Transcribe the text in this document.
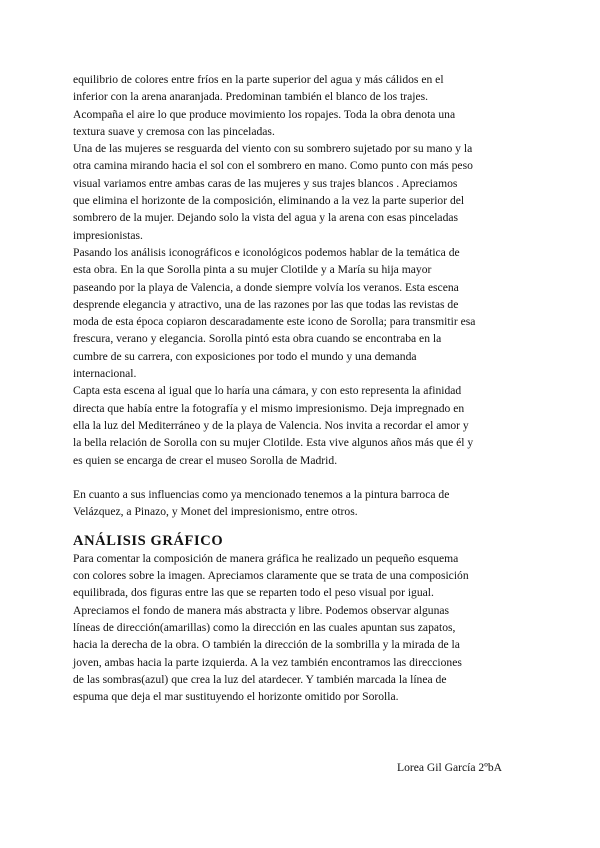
equilibrio de colores entre fríos en la parte superior del agua y más cálidos en el
inferior con la arena anaranjada. Predominan también el blanco de los trajes.
Acompaña el aire lo que produce movimiento los ropajes. Toda la obra denota una
textura suave y cremosa con las pinceladas.
Una de las mujeres se resguarda del viento con su sombrero sujetado por su mano y la
otra camina mirando hacia el sol con el sombrero en mano. Como punto con más peso
visual variamos entre ambas caras de las mujeres y sus trajes blancos . Apreciamos
que elimina el horizonte de la composición, eliminando a la vez la parte superior del
sombrero de la mujer. Dejando solo la vista del agua y la arena con esas pinceladas
impresionistas.
Pasando los análisis iconográficos e iconológicos podemos hablar de la temática de
esta obra. En la que Sorolla pinta a su mujer Clotilde y a María su hija mayor
paseando por la playa de Valencia, a donde siempre volvía los veranos. Esta escena
desprende elegancia y atractivo, una de las razones por las que todas las revistas de
moda de esta época copiaron descaradamente este icono de Sorolla; para transmitir esa
frescura, verano y elegancia. Sorolla pintó esta obra cuando se encontraba en la
cumbre de su carrera, con exposiciones por todo el mundo y una demanda
internacional.
Capta esta escena al igual que lo haría una cámara, y con esto representa la afinidad
directa que había entre la fotografía y el mismo impresionismo. Deja impregnado en
ella la luz del Mediterráneo y de la playa de Valencia. Nos invita a recordar el amor y
la bella relación de Sorolla con su mujer Clotilde. Esta vive algunos años más que él y
es quien se encarga de crear el museo Sorolla de Madrid.
En cuanto a sus influencias como ya mencionado tenemos a la pintura barroca de
Velázquez, a Pinazo, y Monet del impresionismo, entre otros.
ANÁLISIS GRÁFICO
Para comentar la composición de manera gráfica he realizado un pequeño esquema
con colores sobre la imagen. Apreciamos claramente que se trata de una composición
equilibrada, dos figuras entre las que se reparten todo el peso visual por igual.
Apreciamos el fondo de manera más abstracta y libre. Podemos observar algunas
líneas de dirección(amarillas) como la dirección en las cuales apuntan sus zapatos,
hacia la derecha de la obra. O también la dirección de la sombrilla y la mirada de la
joven, ambas hacia la parte izquierda. A la vez también encontramos las direcciones
de las sombras(azul) que crea la luz del atardecer. Y también marcada la línea de
espuma que deja el mar sustituyendo el horizonte omitido por Sorolla.
Lorea Gil García 2ºbA
